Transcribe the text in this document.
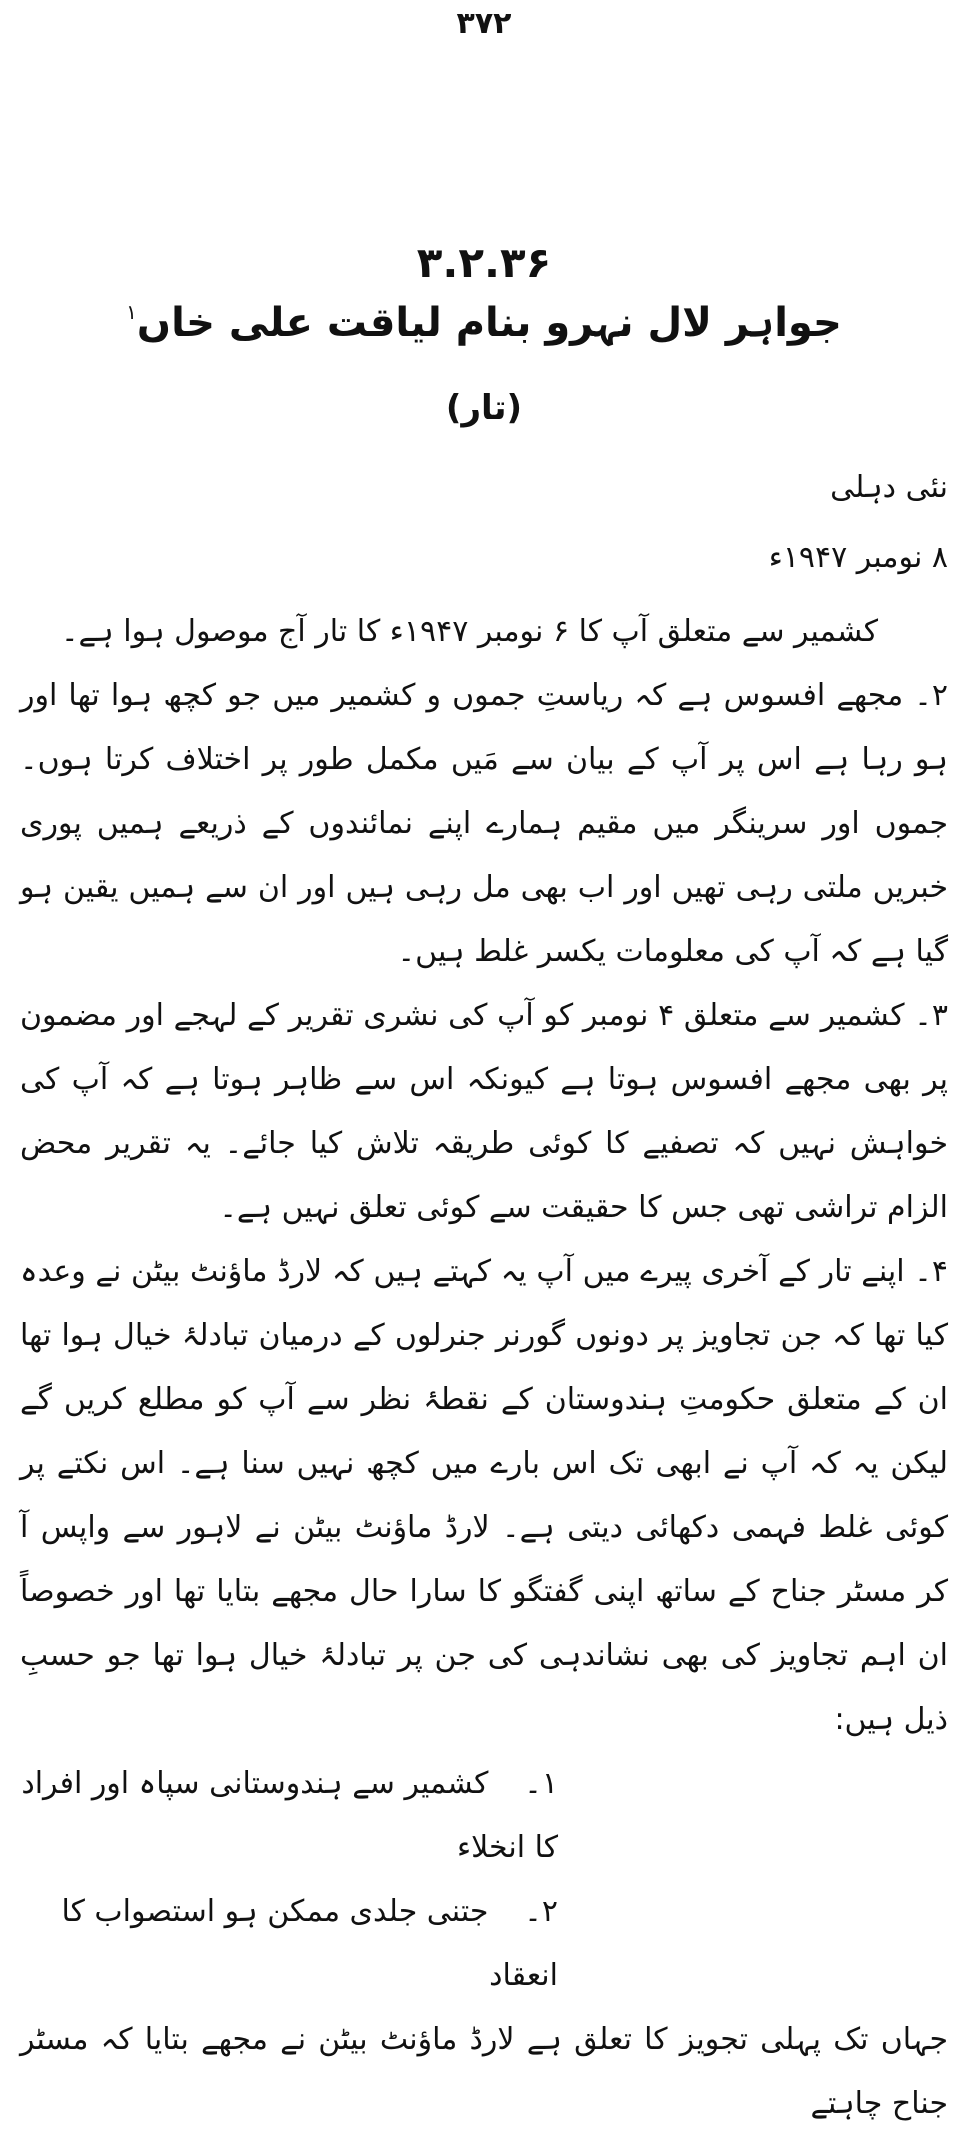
۳۷۲
۳.۲.۳۶
جواہر لال نہرو بنام لیاقت علی خاں$^۱$
(تار)
نئی دہلی
۸ نومبر ۱۹۴۷ء

کشمیر سے متعلق آپ کا ۶ نومبر ۱۹۴۷ء کا تار آج موصول ہوا ہے۔

۲۔ مجھے افسوس ہے کہ ریاستِ جموں و کشمیر میں جو کچھ ہوا تھا اور ہو رہا ہے اس پر آپ کے بیان سے مَیں مکمل طور پر اختلاف کرتا ہوں۔ جموں اور سرینگر میں مقیم ہمارے اپنے نمائندوں کے ذریعے ہمیں پوری خبریں ملتی رہی تھیں اور اب بھی مل رہی ہیں اور ان سے ہمیں یقین ہو گیا ہے کہ آپ کی معلومات یکسر غلط ہیں۔

۳۔ کشمیر سے متعلق ۴ نومبر کو آپ کی نشری تقریر کے لہجے اور مضمون پر بھی مجھے افسوس ہوتا ہے کیونکہ اس سے ظاہر ہوتا ہے کہ آپ کی خواہش نہیں کہ تصفیے کا کوئی طریقہ تلاش کیا جائے۔ یہ تقریر محض الزام تراشی تھی جس کا حقیقت سے کوئی تعلق نہیں ہے۔

۴۔ اپنے تار کے آخری پیرے میں آپ یہ کہتے ہیں کہ لارڈ ماؤنٹ بیٹن نے وعدہ کیا تھا کہ جن تجاویز پر دونوں گورنر جنرلوں کے درمیان تبادلۂ خیال ہوا تھا ان کے متعلق حکومتِ ہندوستان کے نقطۂ نظر سے آپ کو مطلع کریں گے لیکن یہ کہ آپ نے ابھی تک اس بارے میں کچھ نہیں سنا ہے۔ اس نکتے پر کوئی غلط فہمی دکھائی دیتی ہے۔ لارڈ ماؤنٹ بیٹن نے لاہور سے واپس آ کر مسٹر جناح کے ساتھ اپنی گفتگو کا سارا حال مجھے بتایا تھا اور خصوصاً ان اہم تجاویز کی بھی نشاندہی کی جن پر تبادلۂ خیال ہوا تھا جو حسبِ ذیل ہیں:

۱۔ کشمیر سے ہندوستانی سپاہ اور افراد کا انخلاء
۲۔ جتنی جلدی ممکن ہو استصواب کا انعقاد

جہاں تک پہلی تجویز کا تعلق ہے لارڈ ماؤنٹ بیٹن نے مجھے بتایا کہ مسٹر جناح چاہتے
